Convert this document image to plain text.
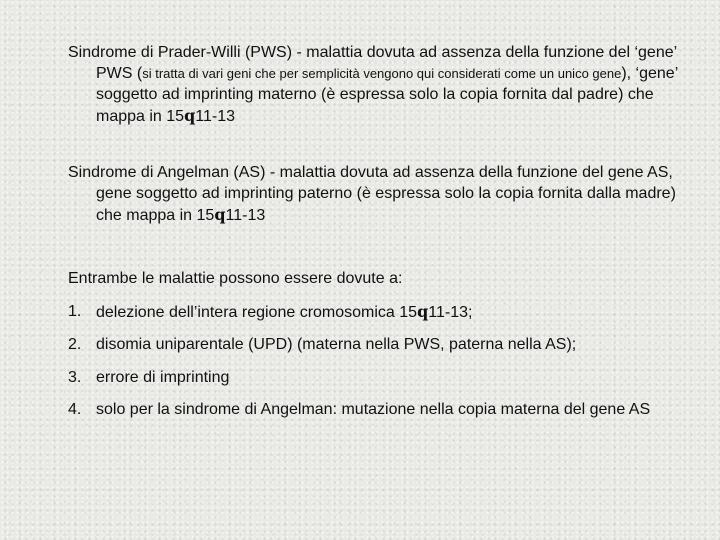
Sindrome di Prader-Willi (PWS) - malattia dovuta ad assenza della funzione del ‘gene’ PWS (si tratta di vari geni che per semplicità vengono qui considerati come un unico gene), ‘gene’ soggetto ad imprinting materno (è espressa solo la copia fornita dal padre) che mappa in 15q11-13
Sindrome di Angelman (AS) - malattia dovuta ad assenza della funzione del gene AS, gene soggetto ad imprinting paterno (è espressa solo la copia fornita dalla madre) che mappa in 15q11-13
Entrambe le malattie possono essere dovute a:
1. delezione dell’intera regione cromosomica 15q11-13;
2. disomia uniparentale (UPD) (materna nella PWS, paterna nella AS);
3. errore di imprinting
4. solo per la sindrome di Angelman: mutazione nella copia materna del gene AS
